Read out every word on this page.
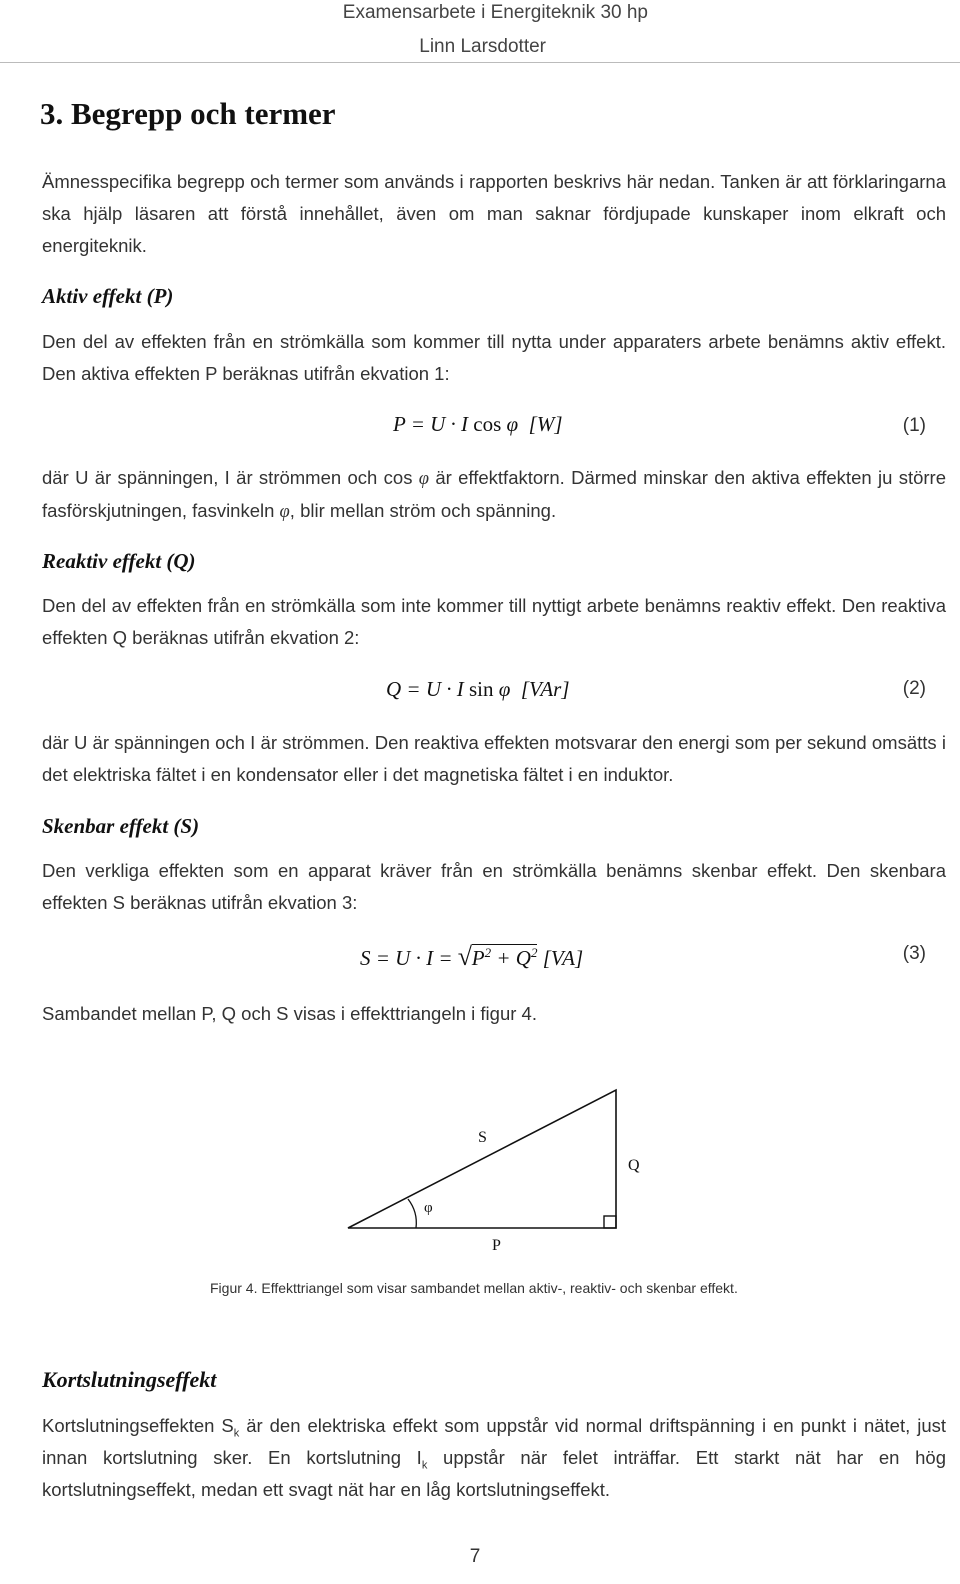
Examensarbete i Energiteknik 30 hp
Linn Larsdotter
3. Begrepp och termer

Ämnesspecifika begrepp och termer som används i rapporten beskrivs här nedan. Tanken är att förklaringarna ska hjälp läsaren att förstå innehållet, även om man saknar fördjupade kunskaper inom elkraft och energiteknik.

Aktiv effekt (P)

Den del av effekten från en strömkälla som kommer till nytta under apparaters arbete benämns aktiv effekt. Den aktiva effekten P beräknas utifrån ekvation 1:

P = U · I cos φ  [W]	(1)

där U är spänningen, I är strömmen och cos φ är effektfaktorn. Därmed minskar den aktiva effekten ju större fasförskjutningen, fasvinkeln φ, blir mellan ström och spänning.

Reaktiv effekt (Q)

Den del av effekten från en strömkälla som inte kommer till nyttigt arbete benämns reaktiv effekt. Den reaktiva effekten Q beräknas utifrån ekvation 2:

Q = U · I sin φ  [VAr]	(2)

där U är spänningen och I är strömmen. Den reaktiva effekten motsvarar den energi som per sekund omsätts i det elektriska fältet i en kondensator eller i det magnetiska fältet i en induktor.

Skenbar effekt (S)

Den verkliga effekten som en apparat kräver från en strömkälla benämns skenbar effekt. Den skenbara effekten S beräknas utifrån ekvation 3:

S = U · I = √ $P^2 + Q^2$ [VA]	(3)

Sambandet mellan P, Q och S visas i effekttriangeln i figur 4.

S
Q
P
φ

Figur 4. Effekttriangel som visar sambandet mellan aktiv-, reaktiv- och skenbar effekt.

Kortslutningseffekt

Kortslutningseffekten $S_k$ är den elektriska effekt som uppstår vid normal driftspänning i en punkt i nätet, just innan kortslutning sker. En kortslutning $I_k$ uppstår när felet inträffar. Ett starkt nät har en hög kortslutningseffekt, medan ett svagt nät har en låg kortslutningseffekt.

7
